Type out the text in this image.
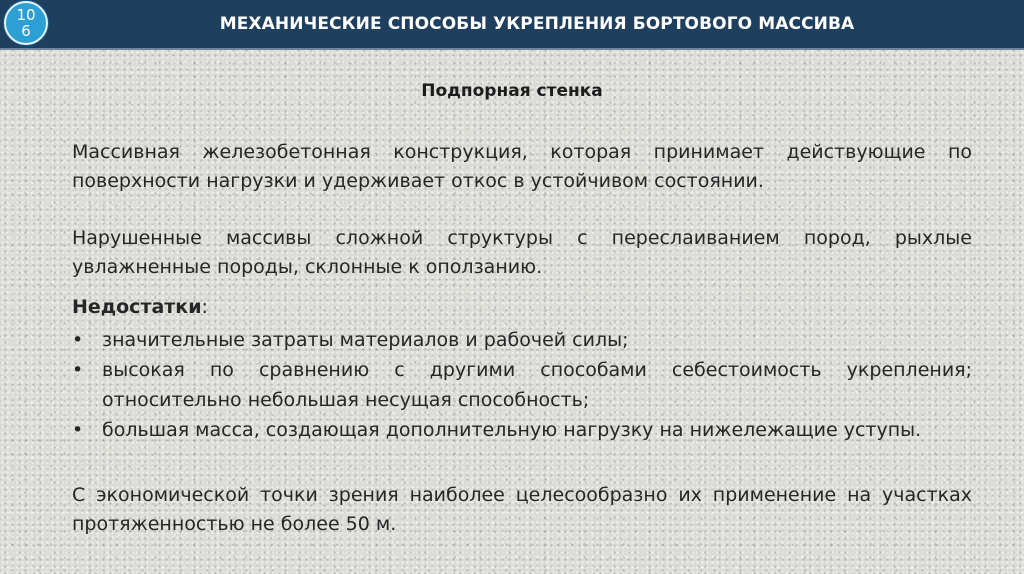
10
6	МЕХАНИЧЕСКИЕ СПОСОБЫ УКРЕПЛЕНИЯ БОРТОВОГО МАССИВА
Подпорная стенка
Массивная железобетонная конструкция, которая принимает действующие по поверхности нагрузки и удерживает откос в устойчивом состоянии.
Нарушенные массивы сложной структуры с переслаиванием пород, рыхлые увлажненные породы, склонные к оползанию.
Недостатки:
• значительные затраты материалов и рабочей силы;
• высокая по сравнению с другими способами себестоимость укрепления; относительно небольшая несущая способность;
• большая масса, создающая дополнительную нагрузку на нижележащие уступы.
С экономической точки зрения наиболее целесообразно их применение на участках протяженностью не более 50 м.
